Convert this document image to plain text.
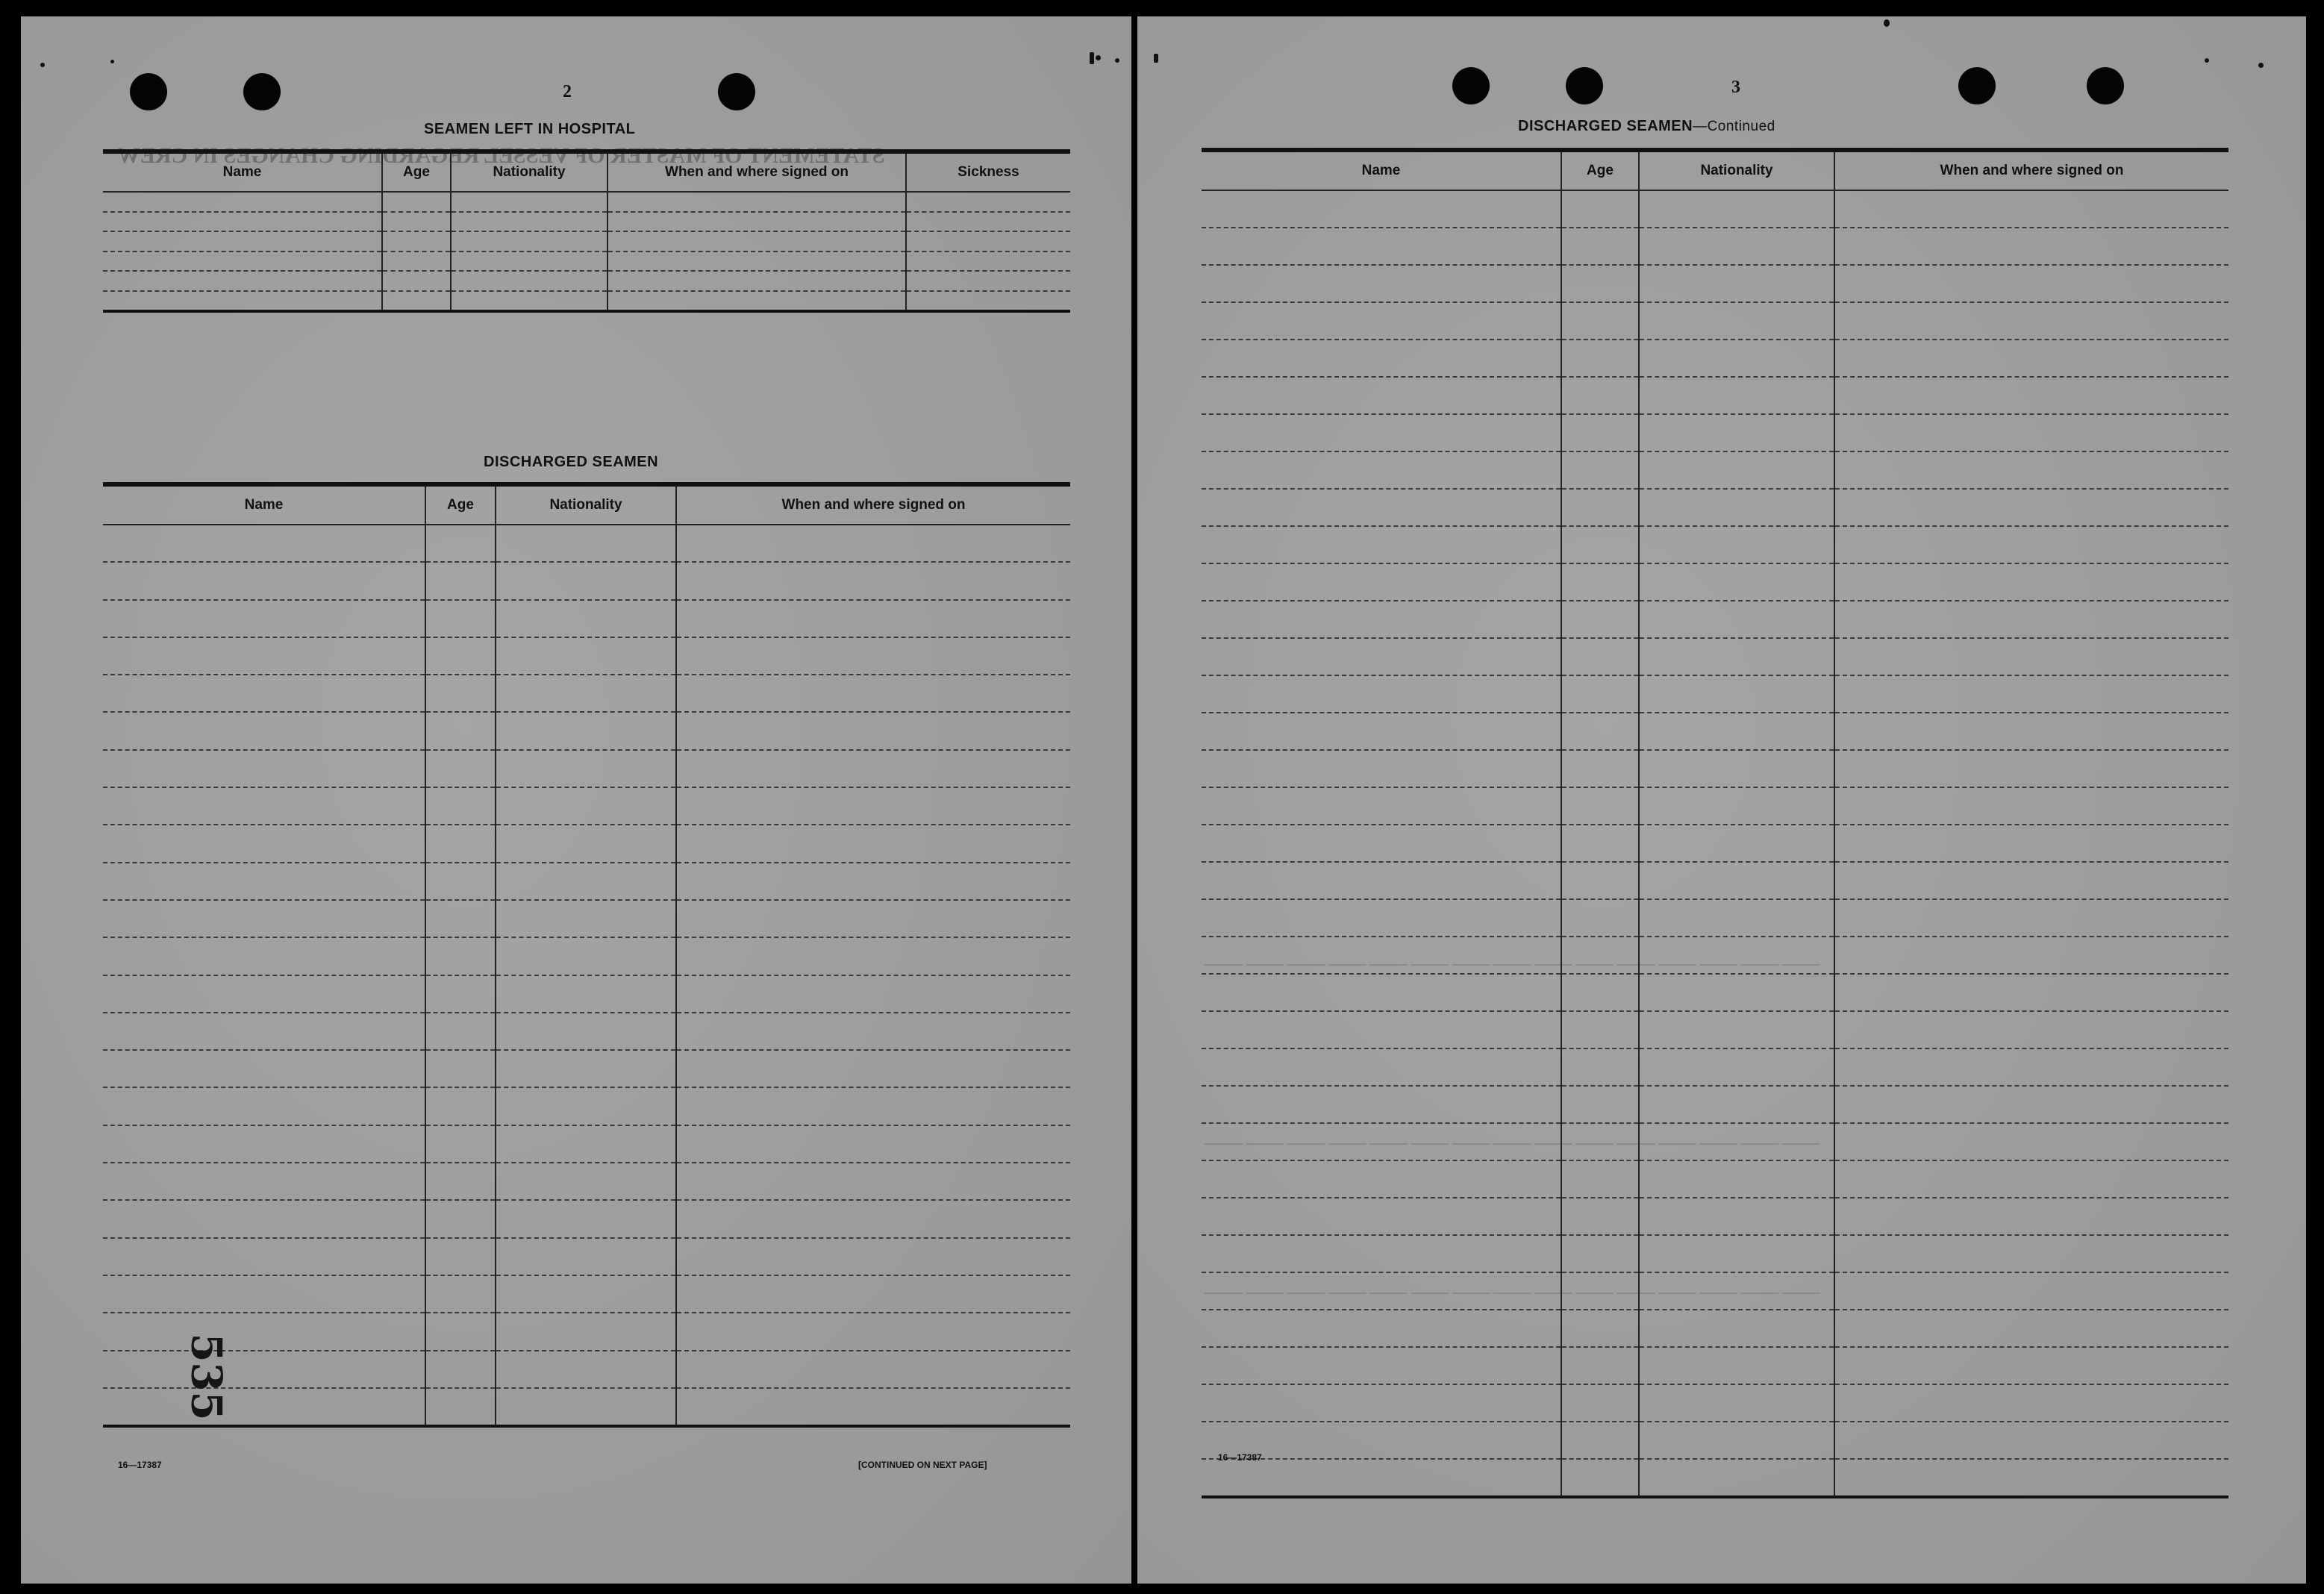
2
STATEMENT OF MASTER OF VESSEL REGARDING CHANGES IN CREW
SEAMEN LEFT IN HOSPITAL
Name	Age	Nationality	When and where signed on	Sickness

DISCHARGED SEAMEN
Name	Age	Nationality	When and where signed on

535
16—17387	[CONTINUED ON NEXT PAGE]
3
DISCHARGED SEAMEN—Continued
Name	Age	Nationality	When and where signed on

——— ——— ——— ——— ——— ——— ——— ——— ——— ——— ——— ——— ——— ——— ———
——— ——— ——— ——— ——— ——— ——— ——— ——— ——— ——— ——— ——— ——— ———
——— ——— ——— ——— ——— ——— ——— ——— ——— ——— ——— ——— ——— ——— ———
16—17387
